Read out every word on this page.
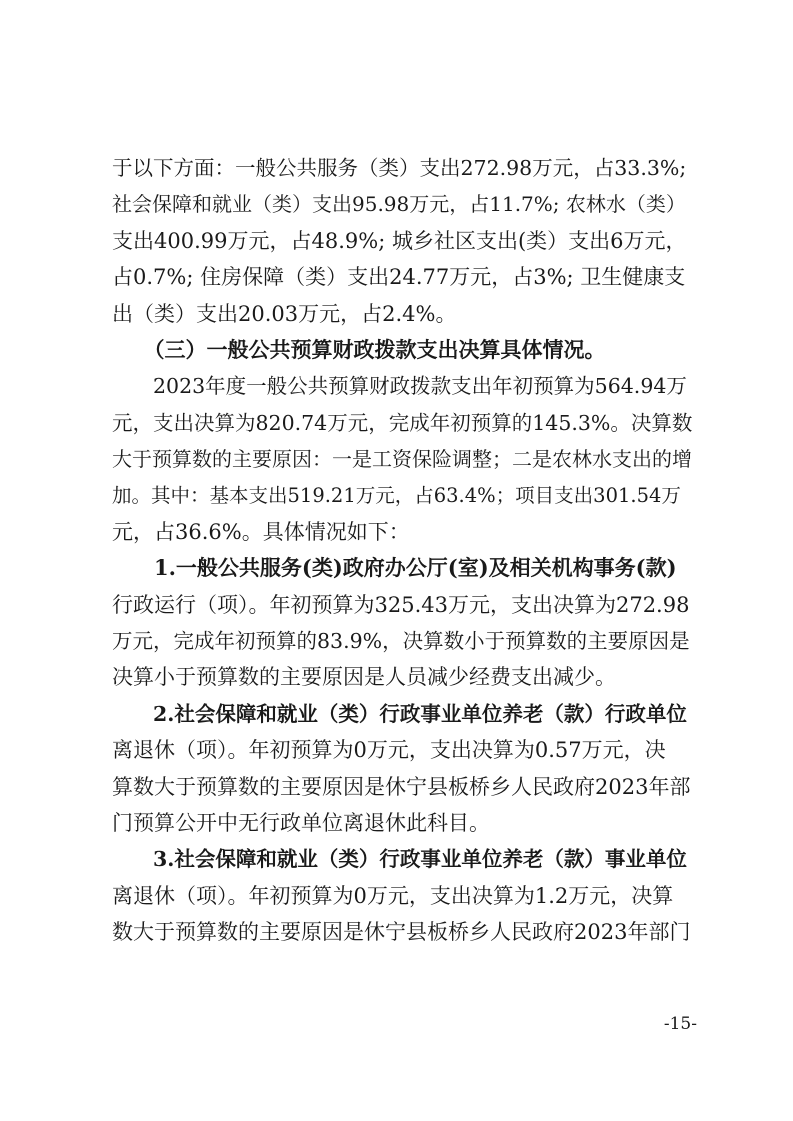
于以下方面：一般公共服务（类）支出272.98万元，占33.3%;
社会保障和就业（类）支出95.98万元，占11.7%; 农林水（类）
支出400.99万元，占48.9%; 城乡社区支出(类）支出6万元，
占0.7%; 住房保障（类）支出24.77万元，占3%; 卫生健康支
出（类）支出20.03万元，占2.4%。
　　（三）一般公共预算财政拨款支出决算具体情况。
　　2023年度一般公共预算财政拨款支出年初预算为564.94万
元，支出决算为820.74万元，完成年初预算的145.3%。决算数
大于预算数的主要原因：一是工资保险调整；二是农林水支出的增
加。其中：基本支出519.21万元，占63.4%；项目支出301.54万
元，占36.6%。具体情况如下：
　　1.一般公共服务(类)政府办公厅(室)及相关机构事务(款)
行政运行（项）。年初预算为325.43万元，支出决算为272.98
万元，完成年初预算的83.9%，决算数小于预算数的主要原因是
决算小于预算数的主要原因是人员减少经费支出减少。
　　2.社会保障和就业（类）行政事业单位养老（款）行政单位
离退休（项）。年初预算为0万元，支出决算为0.57万元，决
算数大于预算数的主要原因是休宁县板桥乡人民政府2023年部
门预算公开中无行政单位离退休此科目。
　　3.社会保障和就业（类）行政事业单位养老（款）事业单位
离退休（项）。年初预算为0万元，支出决算为1.2万元，决算
数大于预算数的主要原因是休宁县板桥乡人民政府2023年部门
-15-
